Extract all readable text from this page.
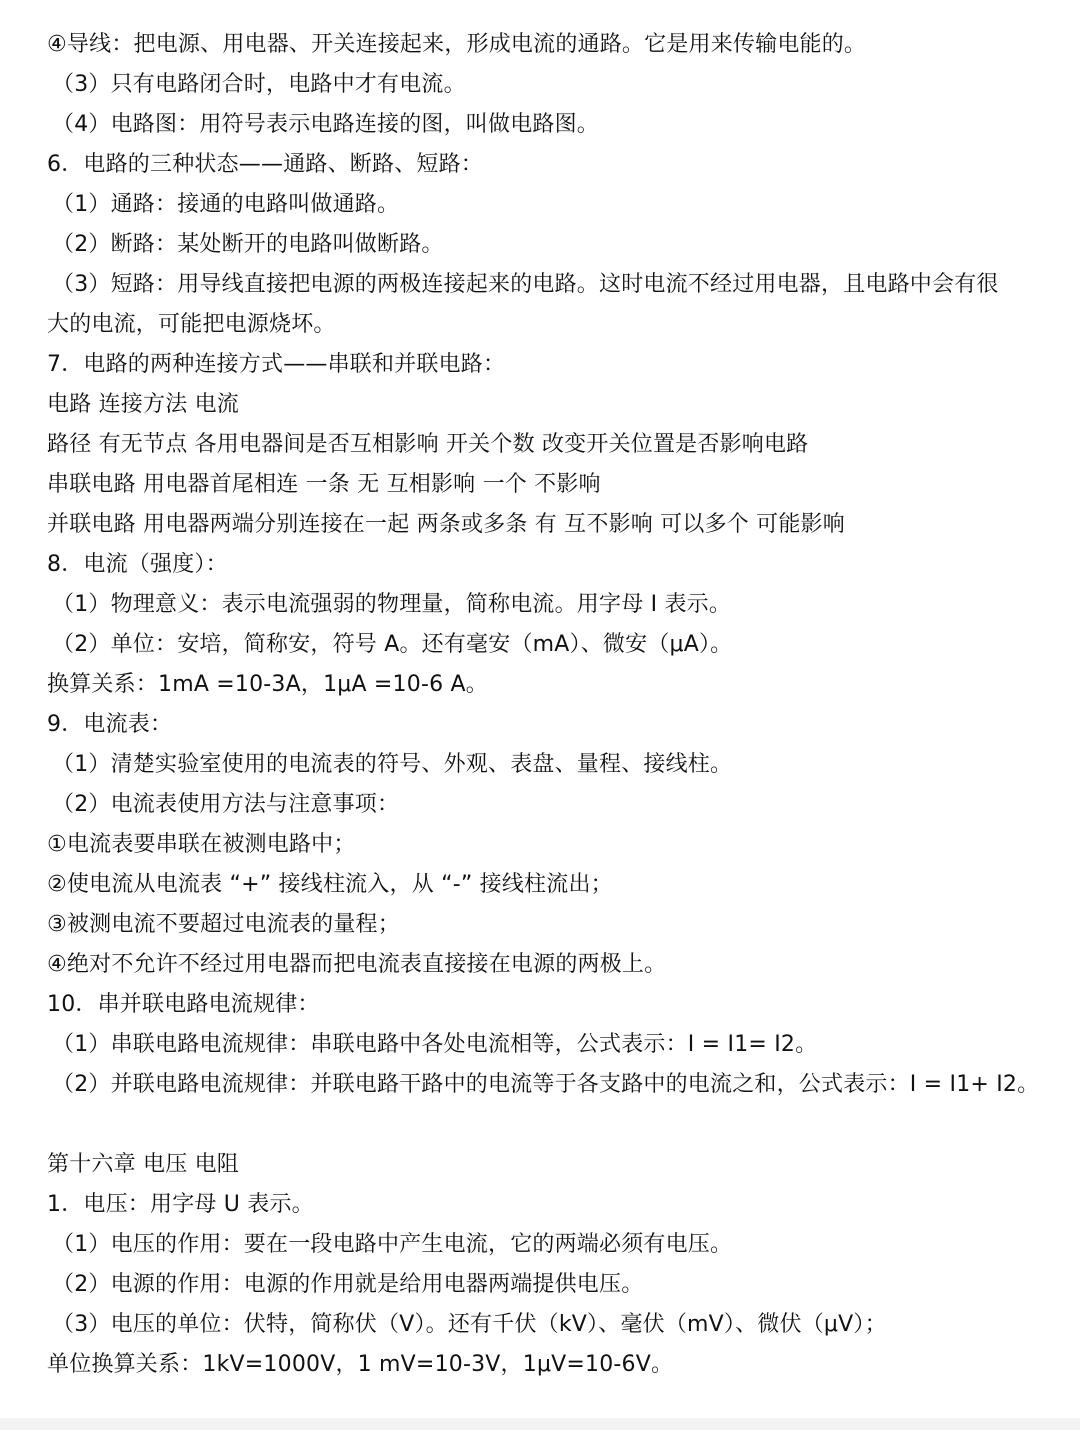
④导线：把电源、用电器、开关连接起来，形成电流的通路。它是用来传输电能的。
（3）只有电路闭合时，电路中才有电流。
（4）电路图：用符号表示电路连接的图，叫做电路图。
6．电路的三种状态——通路、断路、短路：
（1）通路：接通的电路叫做通路。
（2）断路：某处断开的电路叫做断路。
（3）短路：用导线直接把电源的两极连接起来的电路。这时电流不经过用电器，且电路中会有很
大的电流，可能把电源烧坏。
7．电路的两种连接方式——串联和并联电路：
电路 连接方法 电流
路径 有无节点 各用电器间是否互相影响 开关个数 改变开关位置是否影响电路
串联电路 用电器首尾相连 一条 无 互相影响 一个 不影响
并联电路 用电器两端分别连接在一起 两条或多条 有 互不影响 可以多个 可能影响
8．电流（强度）：
（1）物理意义：表示电流强弱的物理量，简称电流。用字母 I 表示。
（2）单位：安培，简称安，符号 A。还有毫安（mA）、微安（μA）。
换算关系：1mA =10-3A，1μA =10-6 A。
9．电流表：
（1）清楚实验室使用的电流表的符号、外观、表盘、量程、接线柱。
（2）电流表使用方法与注意事项：
①电流表要串联在被测电路中；
②使电流从电流表 “+” 接线柱流入，从 “-” 接线柱流出；
③被测电流不要超过电流表的量程；
④绝对不允许不经过用电器而把电流表直接接在电源的两极上。
10．串并联电路电流规律：
（1）串联电路电流规律：串联电路中各处电流相等，公式表示：I = I1= I2。
（2）并联电路电流规律：并联电路干路中的电流等于各支路中的电流之和，公式表示：I = I1+ I2。
第十六章 电压 电阻
1．电压：用字母 U 表示。
（1）电压的作用：要在一段电路中产生电流，它的两端必须有电压。
（2）电源的作用：电源的作用就是给用电器两端提供电压。
（3）电压的单位：伏特，简称伏（V）。还有千伏（kV）、毫伏（mV）、微伏（μV）；
单位换算关系：1kV=1000V，1 mV=10-3V，1μV=10-6V。
